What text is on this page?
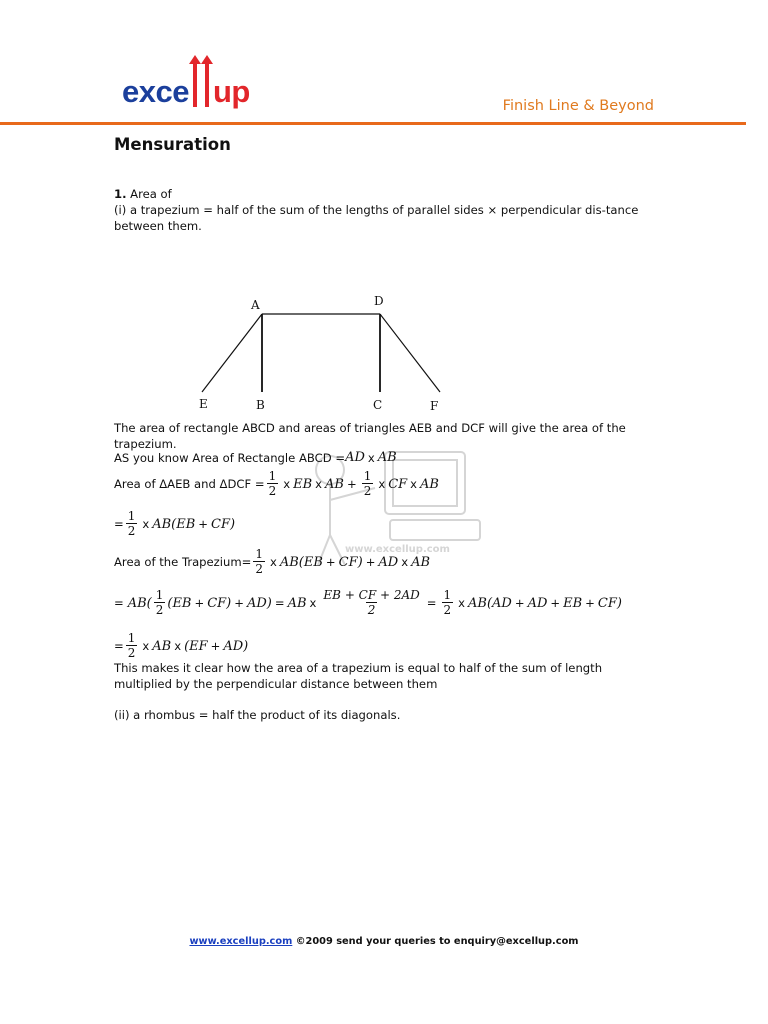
exce up	Finish Line & Beyond
Mensuration
1. Area of
(i) a trapezium = half of the sum of the lengths of parallel sides × perpendicular dis-tance between them.
A	D
E	B	C	F
www.excellup.com
The area of rectangle ABCD and areas of triangles AEB and DCF will give the area of the trapezium.
AS you know Area of Rectangle ABCD = AD x AB
Area of ΔAEB and $\Delta DCF = \frac{1}{2}$ x EB x AB + $\frac{1}{2}$ x CF x AB
= $\frac{1}{2}$ x AB(EB + CF)
Area of the Trapezium= $\frac{1}{2}$ x AB(EB + CF) + AD x AB
= $AB( \frac{1}{2} (EB + CF) + AD)$ = AB x $\frac{EB + CF + 2AD}{2} = \frac{1}{2}$ x AB(AD + AD + EB + CF)
= $\frac{1}{2}$ x AB x (EF + AD)
This makes it clear how the area of a trapezium is equal to half of the sum of length multiplied by the perpendicular distance between them
(ii) a rhombus = half the product of its diagonals.
www.excellup.com ©2009 send your queries to enquiry@excellup.com
